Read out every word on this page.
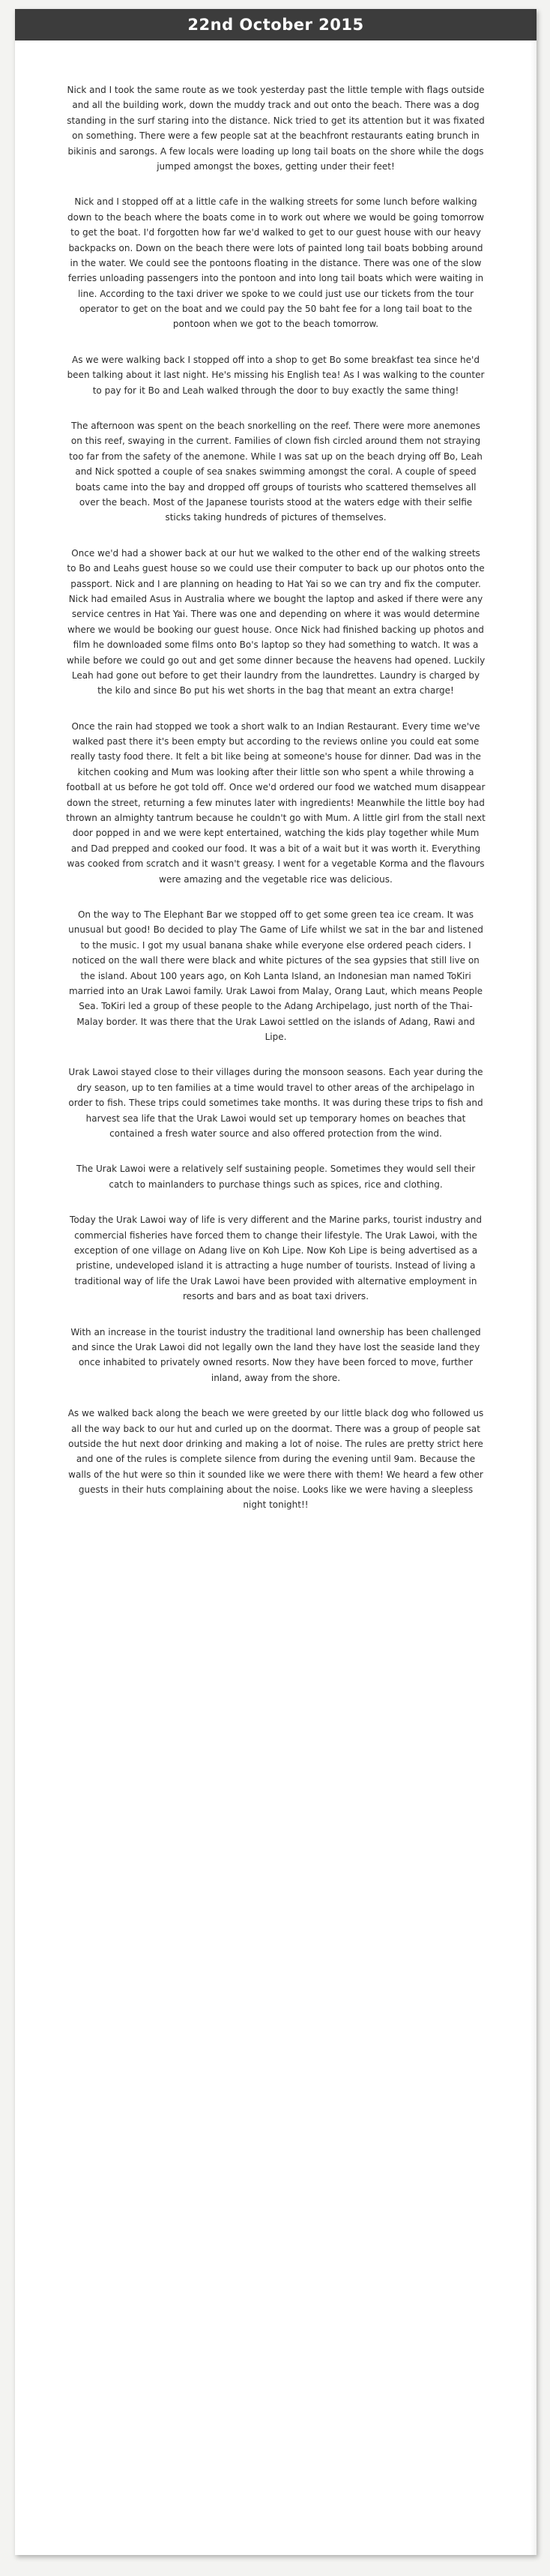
22nd October 2015

Nick and I took the same route as we took yesterday past the little temple with flags outside and all the building work, down the muddy track and out onto the beach. There was a dog standing in the surf staring into the distance. Nick tried to get its attention but it was fixated on something. There were a few people sat at the beachfront restaurants eating brunch in bikinis and sarongs. A few locals were loading up long tail boats on the shore while the dogs jumped amongst the boxes, getting under their feet!

Nick and I stopped off at a little cafe in the walking streets for some lunch before walking down to the beach where the boats come in to work out where we would be going tomorrow to get the boat. I'd forgotten how far we'd walked to get to our guest house with our heavy backpacks on. Down on the beach there were lots of painted long tail boats bobbing around in the water. We could see the pontoons floating in the distance. There was one of the slow ferries unloading passengers into the pontoon and into long tail boats which were waiting in line. According to the taxi driver we spoke to we could just use our tickets from the tour operator to get on the boat and we could pay the 50 baht fee for a long tail boat to the pontoon when we got to the beach tomorrow.

As we were walking back I stopped off into a shop to get Bo some breakfast tea since he'd been talking about it last night. He's missing his English tea! As I was walking to the counter to pay for it Bo and Leah walked through the door to buy exactly the same thing!

The afternoon was spent on the beach snorkelling on the reef. There were more anemones on this reef, swaying in the current. Families of clown fish circled around them not straying too far from the safety of the anemone. While I was sat up on the beach drying off Bo, Leah and Nick spotted a couple of sea snakes swimming amongst the coral. A couple of speed boats came into the bay and dropped off groups of tourists who scattered themselves all over the beach. Most of the Japanese tourists stood at the waters edge with their selfie sticks taking hundreds of pictures of themselves.

Once we'd had a shower back at our hut we walked to the other end of the walking streets to Bo and Leahs guest house so we could use their computer to back up our photos onto the passport. Nick and I are planning on heading to Hat Yai so we can try and fix the computer. Nick had emailed Asus in Australia where we bought the laptop and asked if there were any service centres in Hat Yai. There was one and depending on where it was would determine where we would be booking our guest house. Once Nick had finished backing up photos and film he downloaded some films onto Bo's laptop so they had something to watch. It was a while before we could go out and get some dinner because the heavens had opened. Luckily Leah had gone out before to get their laundry from the laundrettes. Laundry is charged by the kilo and since Bo put his wet shorts in the bag that meant an extra charge!

Once the rain had stopped we took a short walk to an Indian Restaurant. Every time we've walked past there it's been empty but according to the reviews online you could eat some really tasty food there. It felt a bit like being at someone's house for dinner. Dad was in the kitchen cooking and Mum was looking after their little son who spent a while throwing a football at us before he got told off. Once we'd ordered our food we watched mum disappear down the street, returning a few minutes later with ingredients! Meanwhile the little boy had thrown an almighty tantrum because he couldn't go with Mum. A little girl from the stall next door popped in and we were kept entertained, watching the kids play together while Mum and Dad prepped and cooked our food. It was a bit of a wait but it was worth it. Everything was cooked from scratch and it wasn't greasy. I went for a vegetable Korma and the flavours were amazing and the vegetable rice was delicious.

On the way to The Elephant Bar we stopped off to get some green tea ice cream. It was unusual but good! Bo decided to play The Game of Life whilst we sat in the bar and listened to the music. I got my usual banana shake while everyone else ordered peach ciders. I noticed on the wall there were black and white pictures of the sea gypsies that still live on the island. About 100 years ago, on Koh Lanta Island, an Indonesian man named ToKiri married into an Urak Lawoi family. Urak Lawoi from Malay, Orang Laut, which means People Sea. ToKiri led a group of these people to the Adang Archipelago, just north of the Thai-Malay border. It was there that the Urak Lawoi settled on the islands of Adang, Rawi and Lipe.

Urak Lawoi stayed close to their villages during the monsoon seasons. Each year during the dry season, up to ten families at a time would travel to other areas of the archipelago in order to fish. These trips could sometimes take months. It was during these trips to fish and harvest sea life that the Urak Lawoi would set up temporary homes on beaches that contained a fresh water source and also offered protection from the wind.

The Urak Lawoi were a relatively self sustaining people. Sometimes they would sell their catch to mainlanders to purchase things such as spices, rice and clothing.

Today the Urak Lawoi way of life is very different and the Marine parks, tourist industry and commercial fisheries have forced them to change their lifestyle. The Urak Lawoi, with the exception of one village on Adang live on Koh Lipe. Now Koh Lipe is being advertised as a pristine, undeveloped island it is attracting a huge number of tourists. Instead of living a traditional way of life the Urak Lawoi have been provided with alternative employment in resorts and bars and as boat taxi drivers.

With an increase in the tourist industry the traditional land ownership has been challenged and since the Urak Lawoi did not legally own the land they have lost the seaside land they once inhabited to privately owned resorts. Now they have been forced to move, further inland, away from the shore.

As we walked back along the beach we were greeted by our little black dog who followed us all the way back to our hut and curled up on the doormat. There was a group of people sat outside the hut next door drinking and making a lot of noise. The rules are pretty strict here and one of the rules is complete silence from during the evening until 9am. Because the walls of the hut were so thin it sounded like we were there with them! We heard a few other guests in their huts complaining about the noise. Looks like we were having a sleepless night tonight!!
